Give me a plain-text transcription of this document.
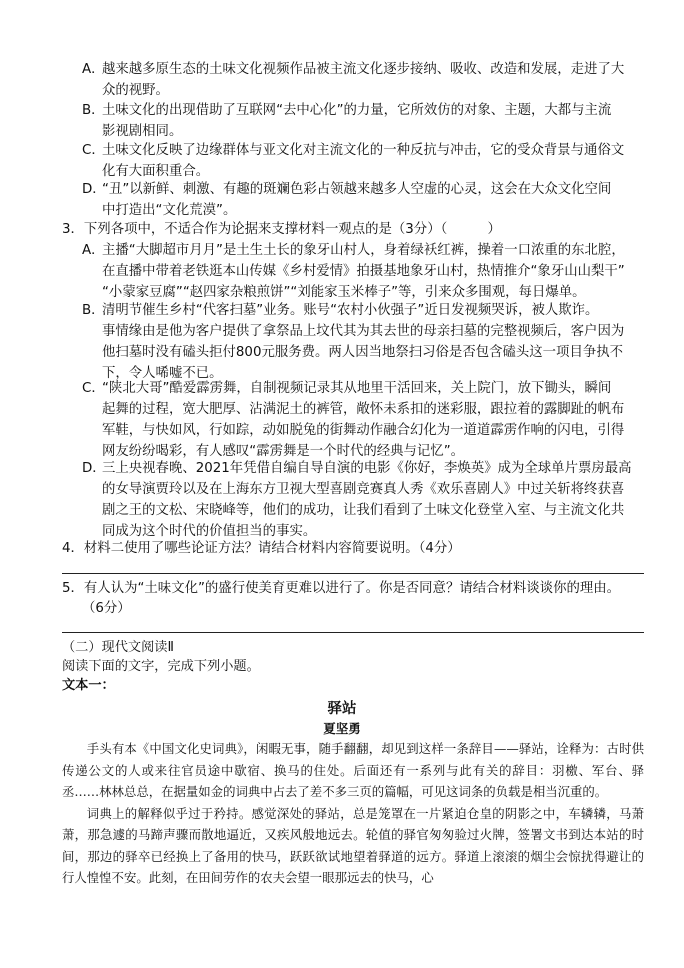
A．越来越多原生态的土味文化视频作品被主流文化逐步接纳、吸收、改造和发展，走进了大
众的视野。
B．土味文化的出现借助了互联网“去中心化”的力量，它所效仿的对象、主题，大都与主流
影视剧相同。
C．土味文化反映了边缘群体与亚文化对主流文化的一种反抗与冲击，它的受众背景与通俗文
化有大面积重合。
D．“丑”以新鲜、刺激、有趣的斑斓色彩占领越来越多人空虚的心灵，这会在大众文化空间
中打造出“文化荒漠”。
3．下列各项中，不适合作为论据来支撑材料一观点的是（3分）（　　　）
A．主播“大脚超市月月”是土生土长的象牙山村人，身着绿袄红裤，操着一口浓重的东北腔，
在直播中带着老铁逛本山传媒《乡村爱情》拍摄基地象牙山村，热情推介“象牙山山梨干”
“小蒙家豆腐”“赵四家杂粮煎饼”“刘能家玉米棒子”等，引来众多围观，每日爆单。
B．清明节催生乡村“代客扫墓”业务。账号“农村小伙强子”近日发视频哭诉，被人欺诈。
事情缘由是他为客户提供了拿祭品上坟代其为其去世的母亲扫墓的完整视频后，客户因为
他扫墓时没有磕头拒付800元服务费。两人因当地祭扫习俗是否包含磕头这一项目争执不
下，令人唏嘘不已。
C．“陕北大哥”酷爱霹雳舞，自制视频记录其从地里干活回来，关上院门，放下锄头，瞬间
起舞的过程，宽大肥厚、沾满泥土的裤管，敞怀未系扣的迷彩服，跟拉着的露脚趾的帆布
军鞋，与快如风，行如踪，动如脱兔的街舞动作融合幻化为一道道霹雳作响的闪电，引得
网友纷纷喝彩，有人感叹“霹雳舞是一个时代的经典与记忆”。
D．三上央视春晚、2021年凭借自编自导自演的电影《你好，李焕英》成为全球单片票房最高
的女导演贾玲以及在上海东方卫视大型喜剧竞赛真人秀《欢乐喜剧人》中过关斩将终获喜
剧之王的文松、宋晓峰等，他们的成功，让我们看到了土味文化登堂入室、与主流文化共
同成为这个时代的价值担当的事实。
4．材料二使用了哪些论证方法？请结合材料内容简要说明。（4分）
5．有人认为“土味文化”的盛行使美育更难以进行了。你是否同意？请结合材料谈谈你的理由。
（6分）
（二）现代文阅读Ⅱ
阅读下面的文字，完成下列小题。
文本一：
驿站
夏坚勇

手头有本《中国文化史词典》，闲暇无事，随手翻翻，却见到这样一条辞目——驿站，诠释为：古时供传递公文的人或来往官员途中歇宿、换马的住处。后面还有一系列与此有关的辞目：羽檄、军台、驿丞……林林总总，在据量如金的词典中占去了差不多三页的篇幅，可见这词条的负载是相当沉重的。

词典上的解释似乎过于矜持。感觉深处的驿站，总是笼罩在一片紧迫仓皇的阴影之中，车辚辚，马萧萧，那急遽的马蹄声骤而散地逼近，又疾风般地远去。轮值的驿官匆匆验过火牌，签署文书到达本站的时间，那边的驿卒已经换上了备用的快马，跃跃欲试地望着驿道的远方。驿道上滚滚的烟尘会惊扰得避让的行人惶惶不安。此刻，在田间劳作的农夫会望一眼那远去的快马，心
